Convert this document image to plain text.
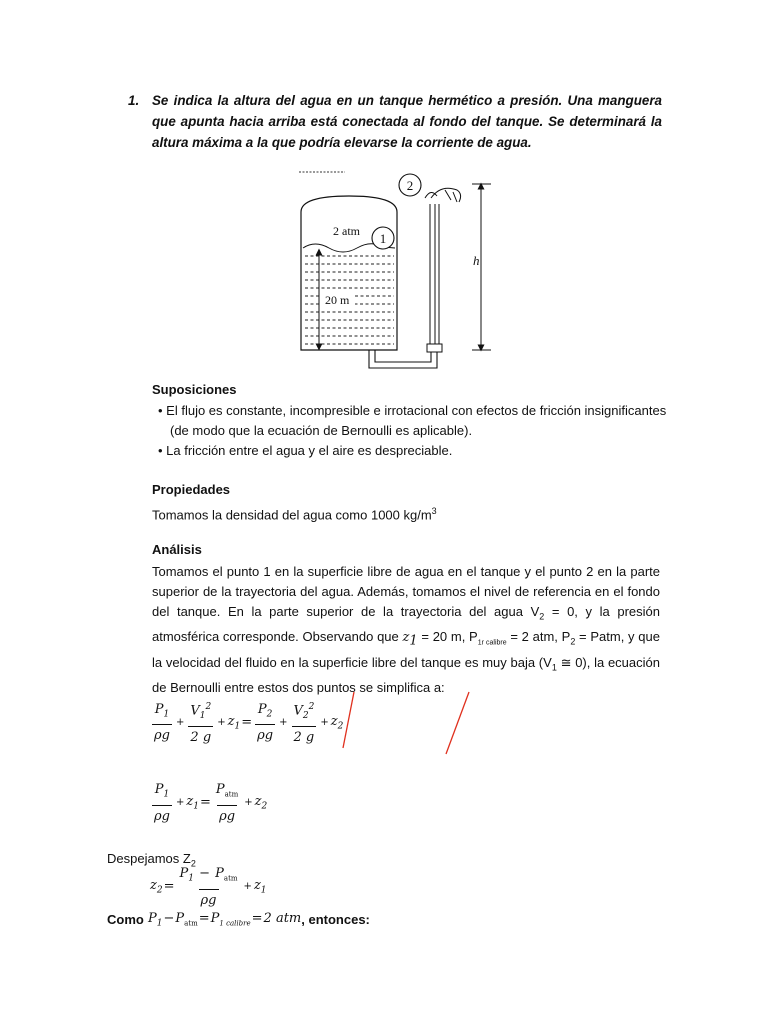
1. Se indica la altura del agua en un tanque hermético a presión. Una manguera que apunta hacia arriba está conectada al fondo del tanque. Se determinará la altura máxima a la que podría elevarse la corriente de agua.
2 atm 1
20 m
2
h
Suposiciones
• El flujo es constante, incompresible e irrotacional con efectos de fricción insignificantes
(de modo que la ecuación de Bernoulli es aplicable).
• La fricción entre el agua y el aire es despreciable.
Propiedades
Tomamos la densidad del agua como 1000 $kg/m^3$
Análisis
Tomamos el punto 1 en la superficie libre de agua en el tanque y el punto 2 en la parte superior de la trayectoria del agua. Además, tomamos el nivel de referencia en el fondo del tanque. En la parte superior de la trayectoria del agua $V_2 = 0$, y la presión atmosférica corresponde. Observando que $z_1 = 20$ m, $P_{1r calibre} = 2$ atm, $P_2$ = Patm, y que la velocidad del fluido en la superficie libre del tanque es muy baja ($V_1$ ≅ 0), la ecuación de Bernoulli entre estos dos puntos se simplifica a:
$\frac{P_1}{\rho g} + \frac{V_1^2}{2 g} + z_1 = \frac{P_2}{\rho g} + \frac{V_2^2}{2 g} + z_2$
$\frac{P_1}{\rho g} + z_1 = \frac{P_{atm}}{\rho g} + z_2$
Despejamos $Z_2$
$z_2 = \frac{P_1 - P_{atm}}{\rho g} + z_1$
Como $P_1-P_{atm}=P_{1 calibre}=2$ atm , entonces:
